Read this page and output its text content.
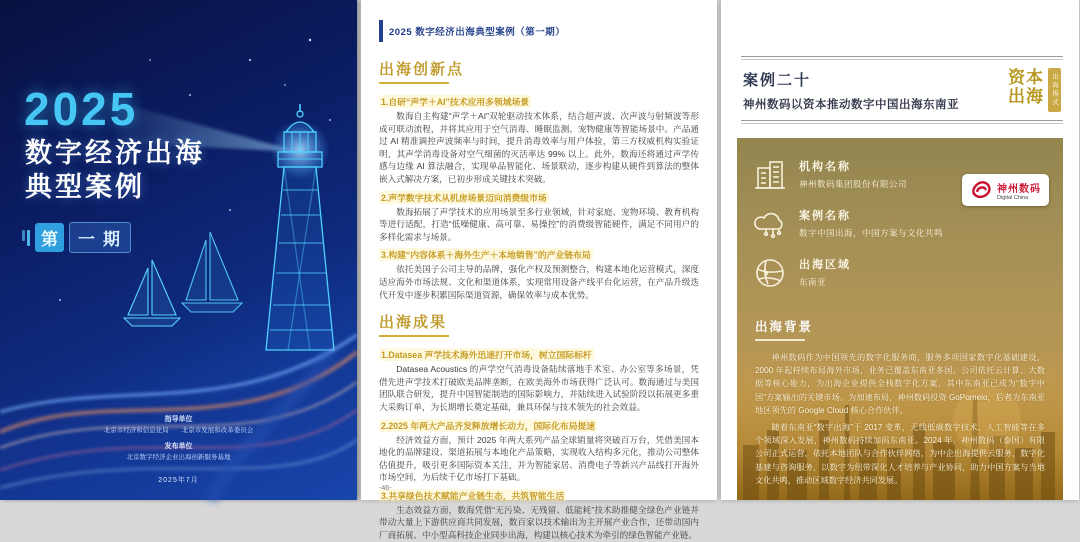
2025
数字经济出海
典型案例
第	一期
指导单位
北京市经济和信息化局　　北京市发展和改革委员会
发布单位
北京数字经济企业出海创新服务基地
2025年7月
2025 数字经济出海典型案例（第一期）
出海创新点
1.自研“声学＋AI”技术应用多领域场景

数海自主构建“声学＋AI”双轮驱动技术体系，结合超声波、次声波与射频波等形成可联动流程，并将其应用于空气消毒、睡眠监测、宠物健康等智能场景中。产品通过 AI 精准调控声波频率与时间，提升消毒效率与用户体验，第三方权威机构实验证明，其声学消毒设备对空气细菌的灭活率达 99% 以上。此外，数海还将通过声学传感与边缘 AI 算法融合，实现单品智能化、场景联动，逐步构建从硬件到算法的整体嵌入式解决方案，已初步形成关键技术突破。

2.声学数字技术从机房场景迈向消费级市场

数海拓展了声学技术的应用场景至多行业领域，针对家庭、宠物环境、教育机构等进行适配，打造“低噪健康、高可靠、易操控”的消费级智能硬件，满足不同用户的多样化需求与场景。

3.构建“内容体系＋海外生产＋本地销售”的产业链布局

依托美国子公司主导的品牌，强化产权及预测整合，构建本地化运营模式，深度适应海外市场法规、文化和渠道体系，实现常用设备产线平台化运营，在产品升级迭代开发中逐步积累国际渠道资源，确保效率与成本优势。

出海成果
1.Datasea 声学技术海外迅速打开市场，树立国际标杆

Datasea Acoustics 的声学空气消毒设备陆续落地手术室、办公室等多场景，凭借先进声学技术打破欧美品牌垄断，在欧美海外市场获得广泛认可。数海通过与美国团队联合研发，提升中国智能制造的国际影响力，并陆续进入试验阶段以拓展更多重大采购订单，为长期增长奠定基础，兼具环保与技术领先的社会效益。

2.2025 年两大产品齐发释放增长动力，国际化布局提速

经济效益方面，预计 2025 年两大系列产品全球销量将突破百万台，凭借美国本地化的品牌建设、渠道拓展与本地化产品策略，实现收入结构多元化，推动公司整体估值提升，吸引更多国际资本关注，并为智能家居、消费电子等新兴产品线打开海外市场空间，为后续千亿市场打下基础。

3.共享绿色技术赋能产业链生态，共筑智能生活

生态效益方面，数海凭借“无污染、无残留、低能耗”技术助推健全绿色产业链并带动大量上下游供应商共同发展，数百家以技术输出为主开展产业合作，还带动国内厂商拓展、中小型高科技企业同步出海，构建以核心技术为牵引的绿色智能产业链。

-46-
案例二十
神州数码以资本推动数字中国出海东南亚
资本
出海	出海模式
机构名称
神州数码集团股份有限公司
案例名称
数字中国出海，中国方案与文化共鸣
出海区域
东南亚
神州数码
Digital China
出海背景

神州数码作为中国领先的数字化服务商，服务多项国家数字化基础建设，2000 年起持续布局海外市场，业务已覆盖东南亚多国。公司依托云计算、大数据等核心能力，为出海企业提供全栈数字化方案，其中东南亚已成为“数字中国”方案输出的关键市场。为加速布局，神州数码投资 GoPomelo，后者为东南亚地区领先的 Google Cloud 核心合作伙伴。

随着东南亚“数字出海”于 2017 变革，无线低碳数字技术、人工智能等在多个领域深入发展，神州数码持续加码东南亚。2024 年，神州数码（泰国）有限公司正式运营，依托本地团队与合作伙伴网络，为中企出海提供云服务、数字化基建与咨询服务，以数字为纽带深化人才培养与产业协同，助力中国方案与当地文化共鸣，推动区域数字经济共同发展。
